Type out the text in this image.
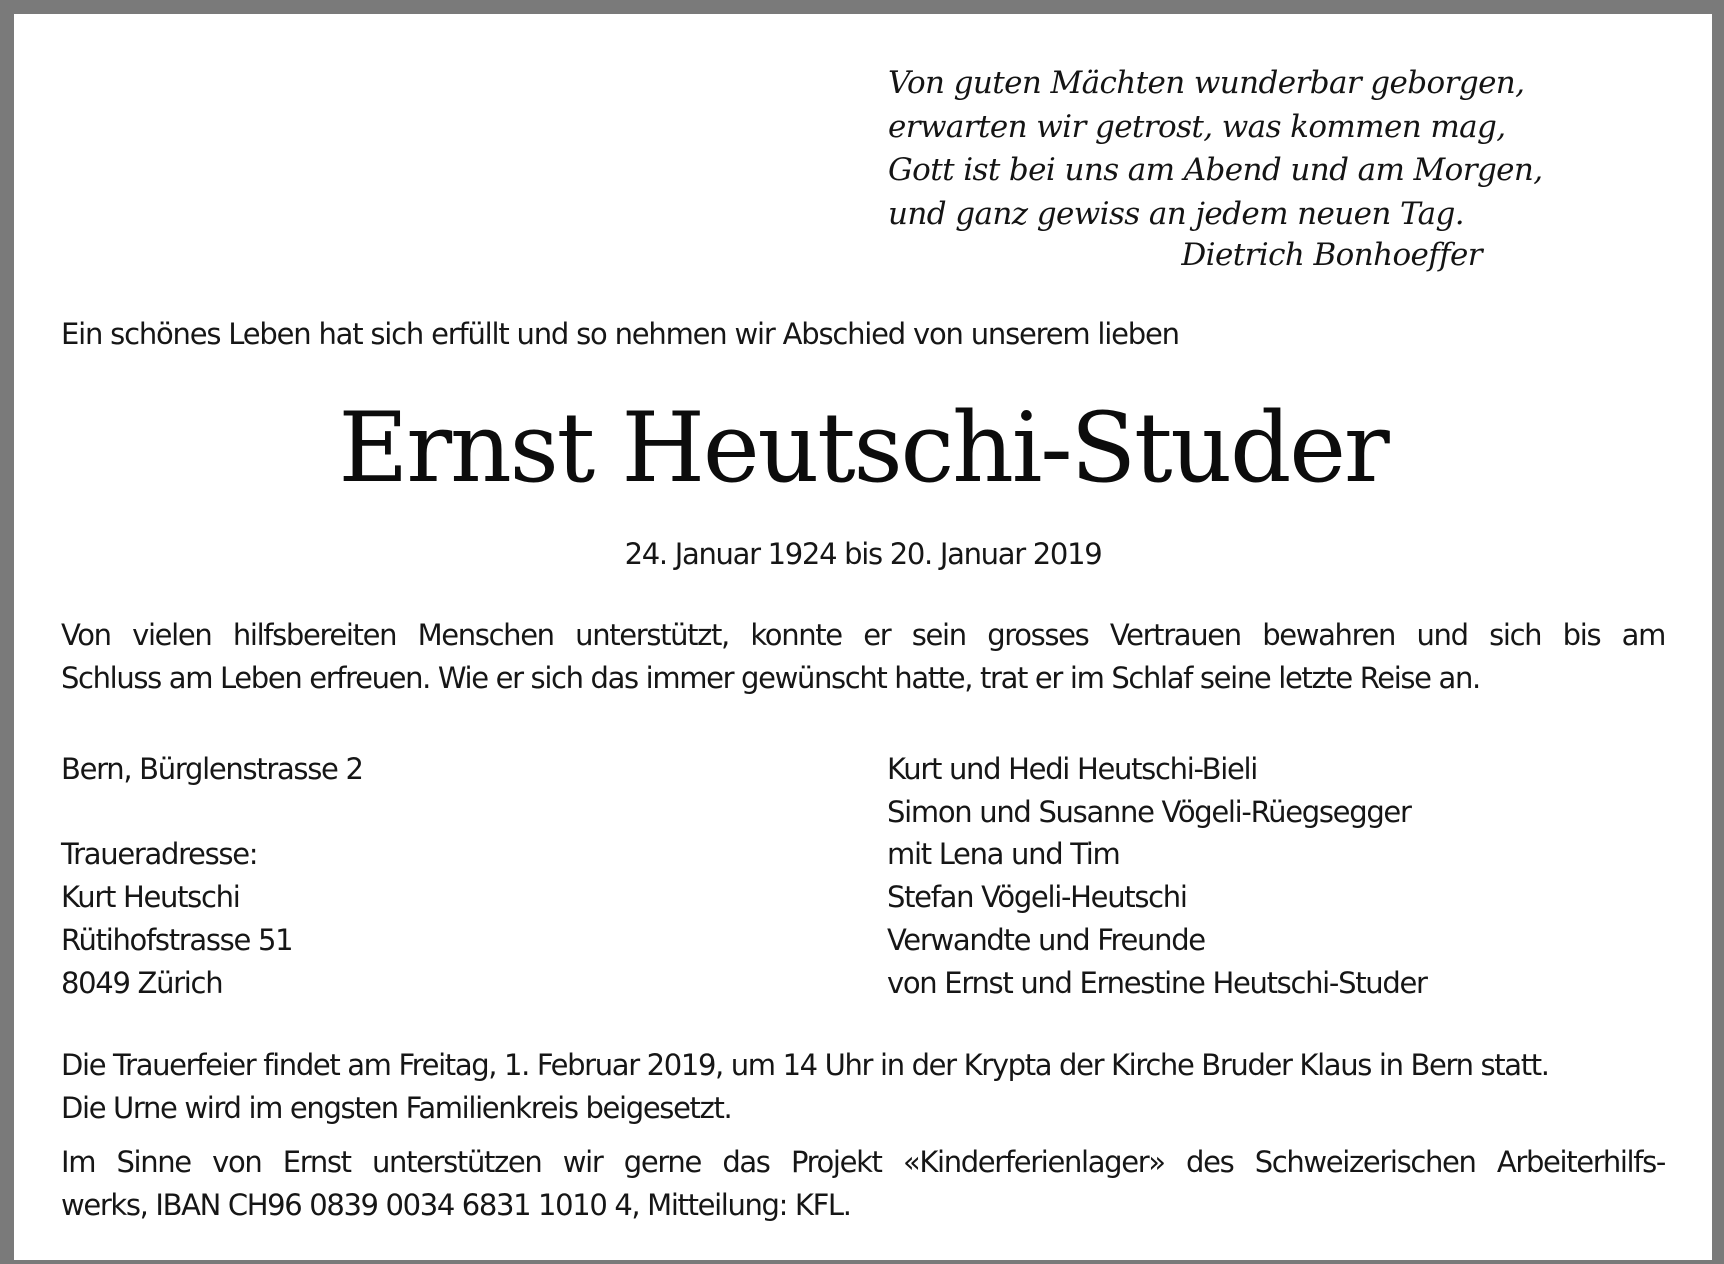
Von guten Mächten wunderbar geborgen,
erwarten wir getrost, was kommen mag,
Gott ist bei uns am Abend und am Morgen,
und ganz gewiss an jedem neuen Tag.
Dietrich Bonhoeffer
Ein schönes Leben hat sich erfüllt und so nehmen wir Abschied von unserem lieben
Ernst Heutschi-Studer
24. Januar 1924 bis 20. Januar 2019
Von vielen hilfsbereiten Menschen unterstützt, konnte er sein grosses Vertrauen bewahren und sich bis am
Schluss am Leben erfreuen. Wie er sich das immer gewünscht hatte, trat er im Schlaf seine letzte Reise an.
Bern, Bürglenstrasse 2
Traueradresse:
Kurt Heutschi
Rütihofstrasse 51
8049 Zürich
Kurt und Hedi Heutschi-Bieli
Simon und Susanne Vögeli-Rüegsegger
mit Lena und Tim
Stefan Vögeli-Heutschi
Verwandte und Freunde
von Ernst und Ernestine Heutschi-Studer
Die Trauerfeier findet am Freitag, 1. Februar 2019, um 14 Uhr in der Krypta der Kirche Bruder Klaus in Bern statt.
Die Urne wird im engsten Familienkreis beigesetzt.
Im Sinne von Ernst unterstützen wir gerne das Projekt «Kinderferienlager» des Schweizerischen Arbeiterhilfs-
werks, IBAN CH96 0839 0034 6831 1010 4, Mitteilung: KFL.
